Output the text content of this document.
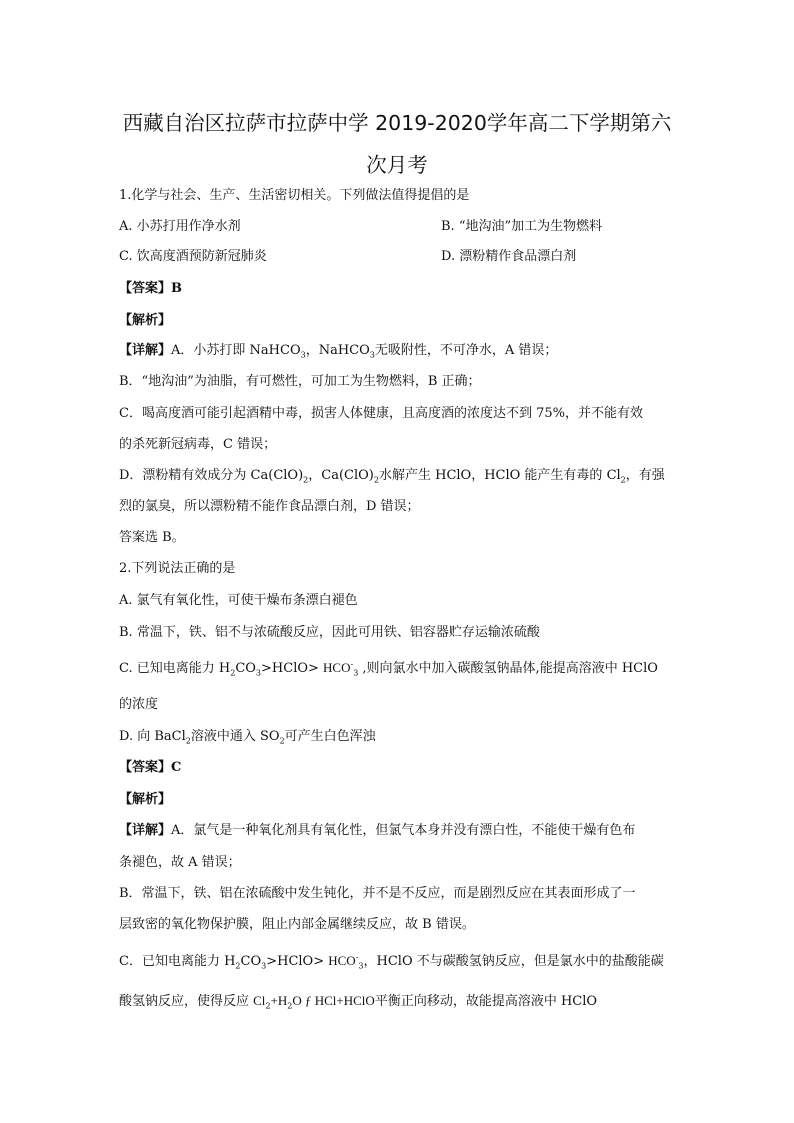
西藏自治区拉萨市拉萨中学 2019-2020学年高二下学期第六
次月考
1.化学与社会、生产、生活密切相关。下列做法值得提倡的是
A. 小苏打用作净水剂	B. “地沟油”加工为生物燃料
C. 饮高度酒预防新冠肺炎	D. 漂粉精作食品漂白剂
【答案】B
【解析】
【详解】A．小苏打即 NaHCO$_3$，NaHCO$_3$无吸附性，不可净水，A 错误；
B．“地沟油”为油脂，有可燃性，可加工为生物燃料，B 正确；
C．喝高度酒可能引起酒精中毒，损害人体健康，且高度酒的浓度达不到 75%，并不能有效
的杀死新冠病毒，C 错误；
D．漂粉精有效成分为 $Ca(ClO)_2$，$Ca(ClO)_2$水解产生 HClO，HClO 能产生有毒的 $Cl_2$，有强
烈的氯臭，所以漂粉精不能作食品漂白剂，D 错误；
答案选 B。
2.下列说法正确的是
A. 氯气有氧化性，可使干燥布条漂白褪色
B. 常温下，铁、铝不与浓硫酸反应，因此可用铁、铝容器贮存运输浓硫酸
C. 已知电离能力 $H_2CO_3>HClO> HCO^-_3$ ,则向氯水中加入碳酸氢钠晶体,能提高溶液中 HClO
的浓度
D. 向 BaCl$_2$溶液中通入 $SO_2$可产生白色浑浊
【答案】C
【解析】
【详解】A．氯气是一种氧化剂具有氧化性，但氯气本身并没有漂白性，不能使干燥有色布
条褪色，故 A 错误；
B．常温下，铁、铝在浓硫酸中发生钝化，并不是不反应，而是剧烈反应在其表面形成了一
层致密的氧化物保护膜，阻止内部金属继续反应，故 B 错误。
C．已知电离能力 $H_2CO_3>HClO> HCO^-_3$，HClO 不与碳酸氢钠反应，但是氯水中的盐酸能碳
酸氢钠反应，使得反应 $Cl_2+H_2O$ ƒ HCl+HClO平衡正向移动，故能提高溶液中 HClO
